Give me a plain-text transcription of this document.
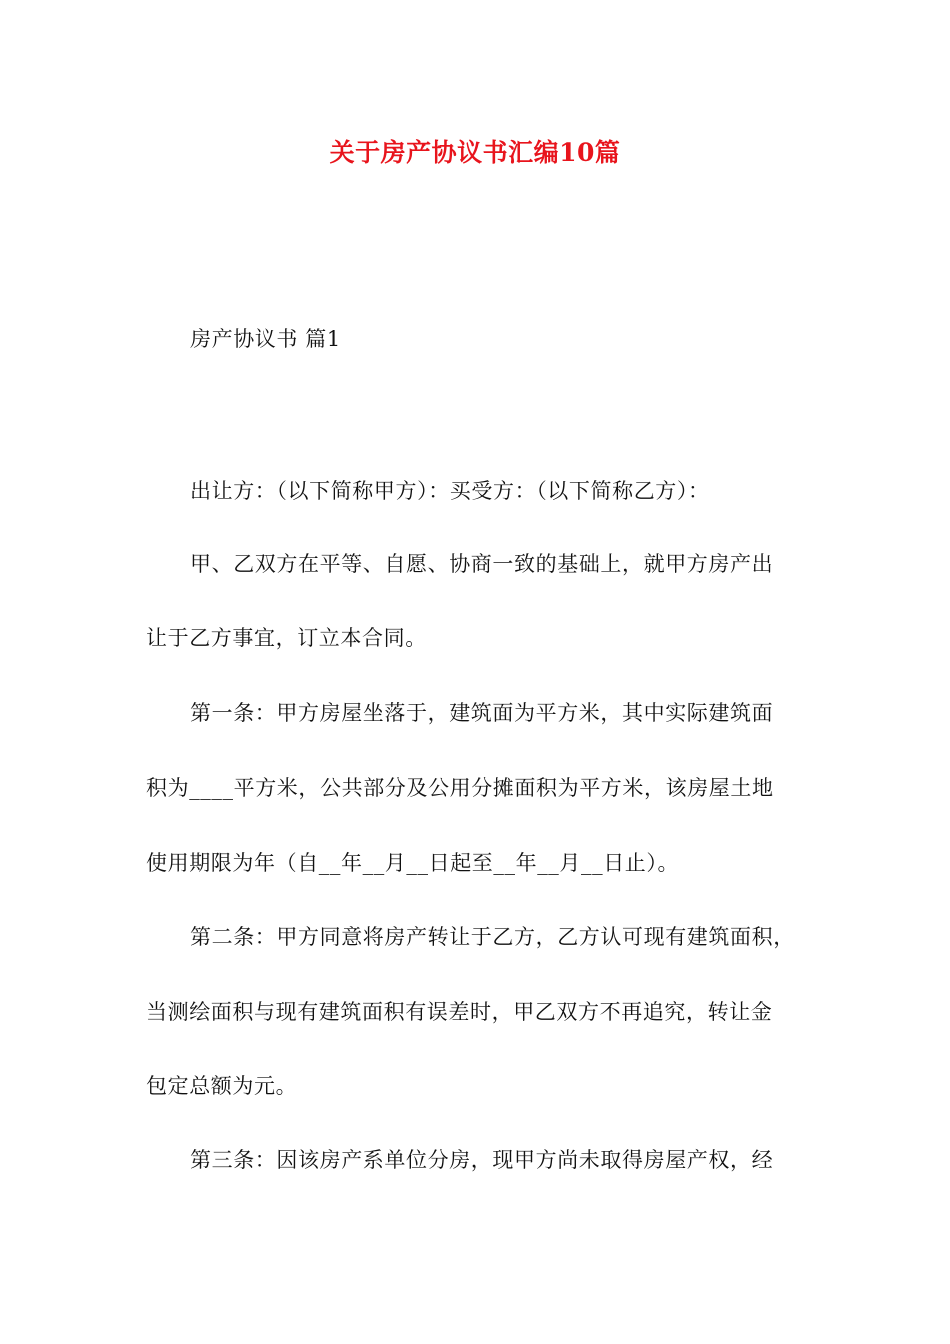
关于房产协议书汇编10篇
房产协议书 篇1
出让方：（以下简称甲方）：买受方：（以下简称乙方）：
甲、乙双方在平等、自愿、协商一致的基础上，就甲方房产出
让于乙方事宜，订立本合同。
第一条：甲方房屋坐落于，建筑面为平方米，其中实际建筑面
积为____平方米，公共部分及公用分摊面积为平方米，该房屋土地
使用期限为年（自__年__月__日起至__年__月__日止）。
第二条：甲方同意将房产转让于乙方，乙方认可现有建筑面积，
当测绘面积与现有建筑面积有误差时，甲乙双方不再追究，转让金
包定总额为元。
第三条：因该房产系单位分房，现甲方尚未取得房屋产权，经
